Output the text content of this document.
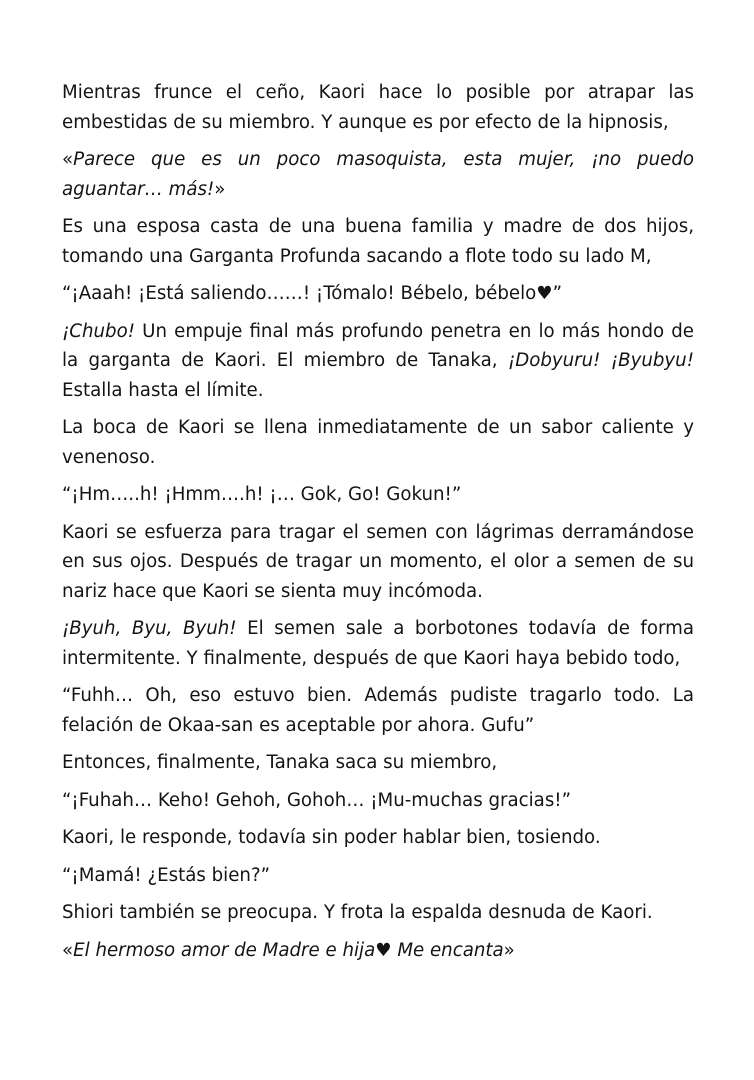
Mientras frunce el ceño, Kaori hace lo posible por atrapar las embestidas de su miembro. Y aunque es por efecto de la hipnosis,

«Parece que es un poco masoquista, esta mujer, ¡no puedo aguantar… más!»

Es una esposa casta de una buena familia y madre de dos hijos, tomando una Garganta Profunda sacando a flote todo su lado M,

“¡Aaah! ¡Está saliendo……! ¡Tómalo! Bébelo, bébelo♥”

¡Chubo! Un empuje final más profundo penetra en lo más hondo de la garganta de Kaori. El miembro de Tanaka, ¡Dobyuru! ¡Byubyu! Estalla hasta el límite.

La boca de Kaori se llena inmediatamente de un sabor caliente y venenoso.

“¡Hm…..h! ¡Hmm….h! ¡… Gok, Go! Gokun!”

Kaori se esfuerza para tragar el semen con lágrimas derramándose en sus ojos. Después de tragar un momento, el olor a semen de su nariz hace que Kaori se sienta muy incómoda.

¡Byuh, Byu, Byuh! El semen sale a borbotones todavía de forma intermitente. Y finalmente, después de que Kaori haya bebido todo,

“Fuhh… Oh, eso estuvo bien. Además pudiste tragarlo todo. La felación de Okaa-san es aceptable por ahora. Gufu”

Entonces, finalmente, Tanaka saca su miembro,

“¡Fuhah… Keho! Gehoh, Gohoh… ¡Mu-muchas gracias!”

Kaori, le responde, todavía sin poder hablar bien, tosiendo.

“¡Mamá! ¿Estás bien?”

Shiori también se preocupa. Y frota la espalda desnuda de Kaori.

«El hermoso amor de Madre e hija♥ Me encanta»
